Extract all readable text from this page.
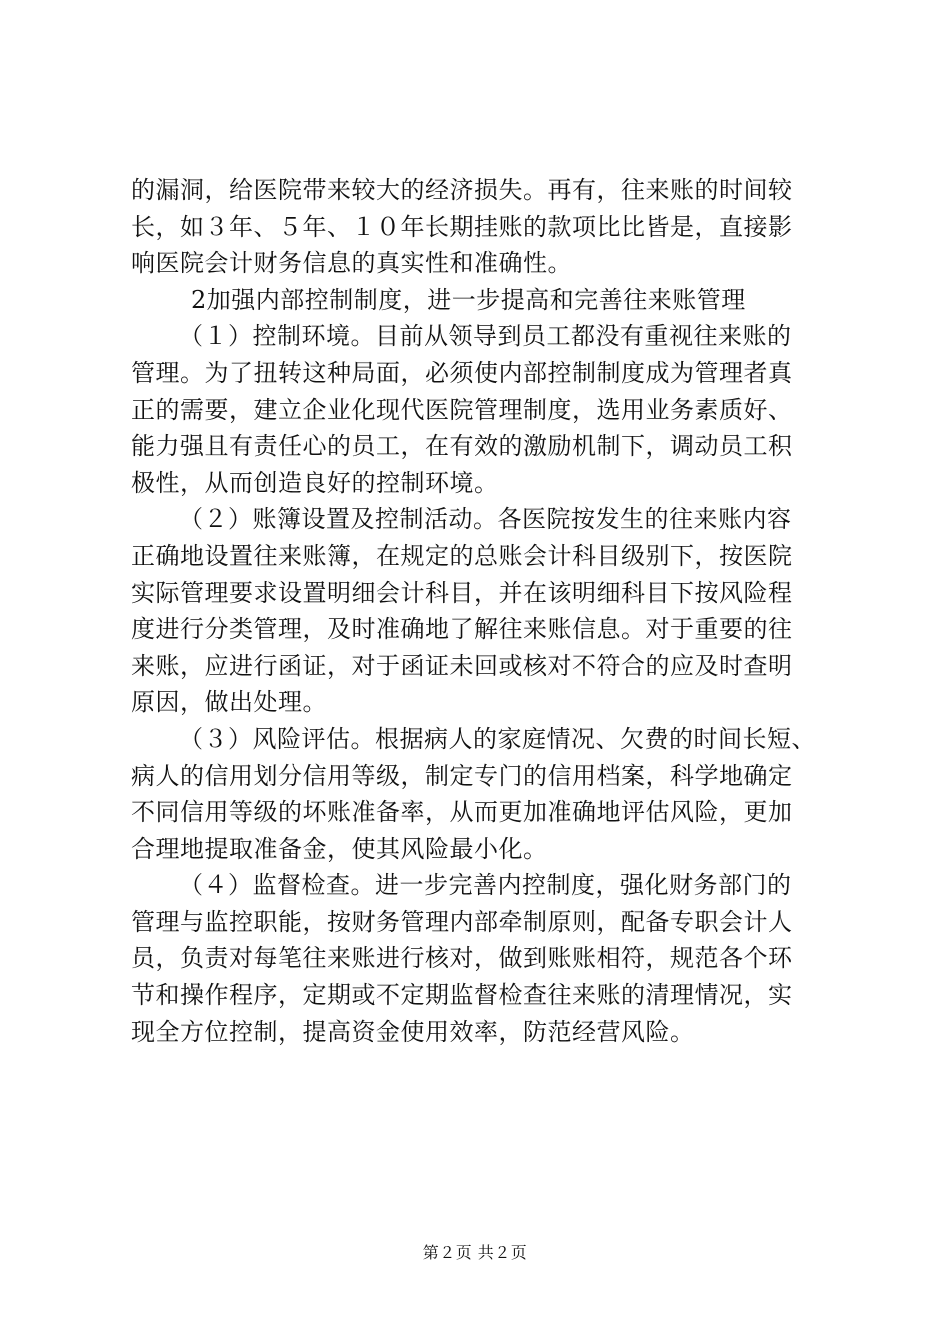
的漏洞，给医院带来较大的经济损失。再有，往来账的时间较
长，如３年、５年、１０年长期挂账的款项比比皆是，直接影
响医院会计财务信息的真实性和准确性。
2加强内部控制制度，进一步提高和完善往来账管理
（１）控制环境。目前从领导到员工都没有重视往来账的
管理。为了扭转这种局面，必须使内部控制制度成为管理者真
正的需要，建立企业化现代医院管理制度，选用业务素质好、
能力强且有责任心的员工，在有效的激励机制下，调动员工积
极性，从而创造良好的控制环境。
（２）账簿设置及控制活动。各医院按发生的往来账内容
正确地设置往来账簿，在规定的总账会计科目级别下，按医院
实际管理要求设置明细会计科目，并在该明细科目下按风险程
度进行分类管理，及时准确地了解往来账信息。对于重要的往
来账，应进行函证，对于函证未回或核对不符合的应及时查明
原因，做出处理。
（３）风险评估。根据病人的家庭情况、欠费的时间长短、
病人的信用划分信用等级，制定专门的信用档案，科学地确定
不同信用等级的坏账准备率，从而更加准确地评估风险，更加
合理地提取准备金，使其风险最小化。
（４）监督检查。进一步完善内控制度，强化财务部门的
管理与监控职能，按财务管理内部牵制原则，配备专职会计人
员，负责对每笔往来账进行核对，做到账账相符，规范各个环
节和操作程序，定期或不定期监督检查往来账的清理情况，实
现全方位控制，提高资金使用效率，防范经营风险。
第２页 共２页
